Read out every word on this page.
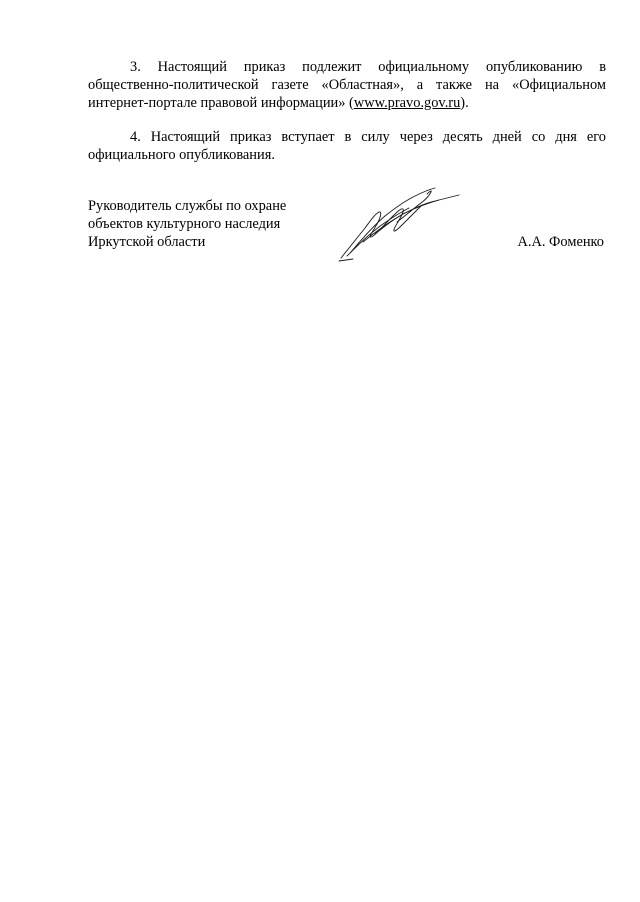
3. Настоящий приказ подлежит официальному опубликованию в общественно-политической газете «Областная», а также на «Официальном интернет-портале правовой информации» (www.pravo.gov.ru).

4. Настоящий приказ вступает в силу через десять дней со дня его официального опубликования.

Руководитель службы по охране
объектов культурного наследия
Иркутской области	А.А. Фоменко
